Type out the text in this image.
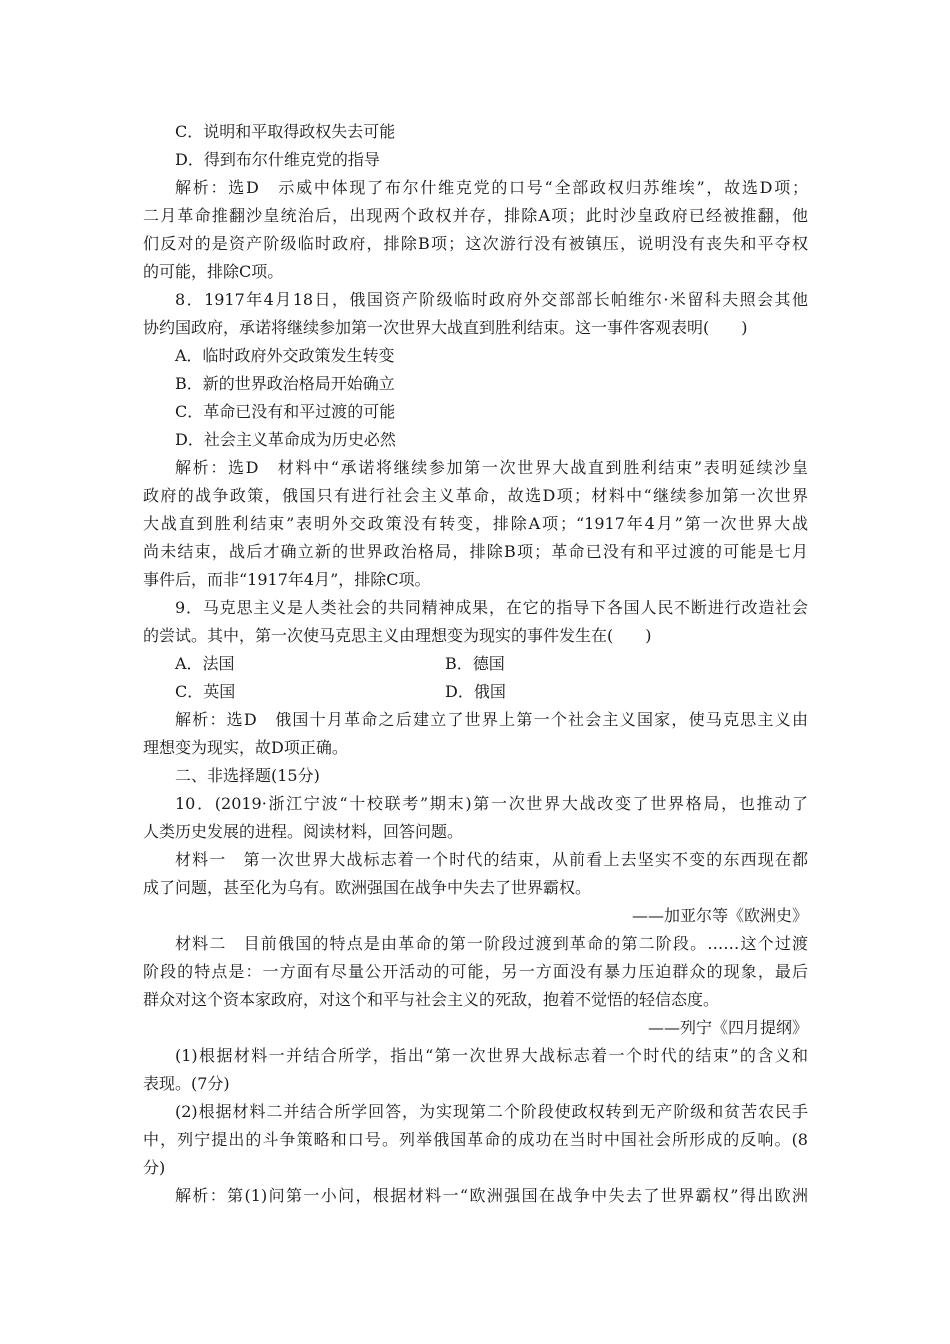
C．说明和平取得政权失去可能
D．得到布尔什维克党的指导
解析：选D　示威中体现了布尔什维克党的口号“全部政权归苏维埃”，故选D项；
二月革命推翻沙皇统治后，出现两个政权并存，排除A项；此时沙皇政府已经被推翻，他
们反对的是资产阶级临时政府，排除B项；这次游行没有被镇压，说明没有丧失和平夺权
的可能，排除C项。
8．1917年4月18日，俄国资产阶级临时政府外交部部长帕维尔·米留科夫照会其他
协约国政府，承诺将继续参加第一次世界大战直到胜利结束。这一事件客观表明(　　)
A．临时政府外交政策发生转变
B．新的世界政治格局开始确立
C．革命已没有和平过渡的可能
D．社会主义革命成为历史必然
解析：选D　材料中“承诺将继续参加第一次世界大战直到胜利结束”表明延续沙皇
政府的战争政策，俄国只有进行社会主义革命，故选D项；材料中“继续参加第一次世界
大战直到胜利结束”表明外交政策没有转变，排除A项；“1917年4月”第一次世界大战
尚未结束，战后才确立新的世界政治格局，排除B项；革命已没有和平过渡的可能是七月
事件后，而非“1917年4月”，排除C项。
9．马克思主义是人类社会的共同精神成果，在它的指导下各国人民不断进行改造社会
的尝试。其中，第一次使马克思主义由理想变为现实的事件发生在(　　)
A．法国	B．德国
C．英国	D．俄国
解析：选D　俄国十月革命之后建立了世界上第一个社会主义国家，使马克思主义由
理想变为现实，故D项正确。
二、非选择题(15分)
10．(2019·浙江宁波“十校联考”期末)第一次世界大战改变了世界格局，也推动了
人类历史发展的进程。阅读材料，回答问题。
材料一　第一次世界大战标志着一个时代的结束，从前看上去坚实不变的东西现在都
成了问题，甚至化为乌有。欧洲强国在战争中失去了世界霸权。
——加亚尔等《欧洲史》
材料二　目前俄国的特点是由革命的第一阶段过渡到革命的第二阶段。……这个过渡
阶段的特点是：一方面有尽量公开活动的可能，另一方面没有暴力压迫群众的现象，最后
群众对这个资本家政府，对这个和平与社会主义的死敌，抱着不觉悟的轻信态度。
——列宁《四月提纲》
(1)根据材料一并结合所学，指出“第一次世界大战标志着一个时代的结束”的含义和
表现。(7分)
(2)根据材料二并结合所学回答，为实现第二个阶段使政权转到无产阶级和贫苦农民手
中，列宁提出的斗争策略和口号。列举俄国革命的成功在当时中国社会所形成的反响。(8
分)
解析：第(1)问第一小问，根据材料一“欧洲强国在战争中失去了世界霸权”得出欧洲
